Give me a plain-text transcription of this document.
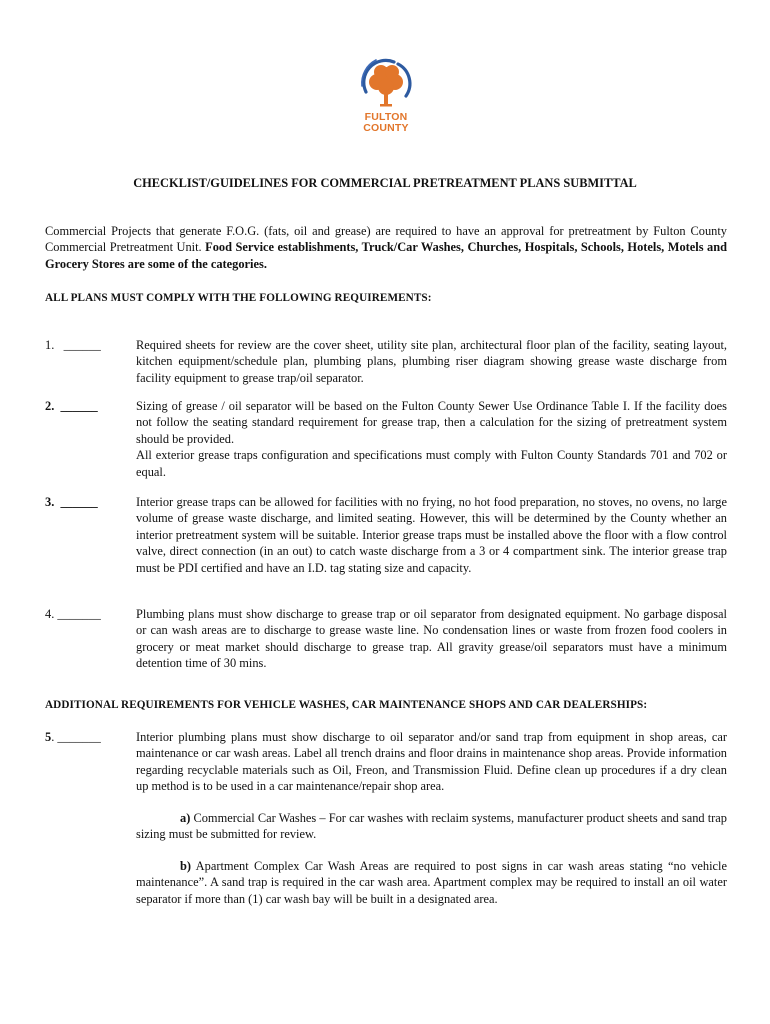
FULTON
COUNTY
CHECKLIST/GUIDELINES FOR COMMERCIAL PRETREATMENT PLANS SUBMITTAL
Commercial Projects that generate F.O.G. (fats, oil and grease) are required to have an approval for pretreatment by Fulton County Commercial Pretreatment Unit. Food Service establishments, Truck/Car Washes, Churches, Hospitals, Schools, Hotels, Motels and Grocery Stores are some of the categories.
ALL PLANS MUST COMPLY WITH THE FOLLOWING REQUIREMENTS:
1.   ______	Required sheets for review are the cover sheet, utility site plan, architectural floor plan of the facility, seating layout, kitchen equipment/schedule plan, plumbing plans, plumbing riser diagram showing grease waste discharge from facility equipment to grease trap/oil separator.
2.  ______	Sizing of grease / oil separator will be based on the Fulton County Sewer Use Ordinance Table I. If the facility does not follow the seating standard requirement for grease trap, then a calculation for the sizing of pretreatment system should be provided.
All exterior grease traps configuration and specifications must comply with Fulton County Standards 701 and 702 or equal.
3.  ______	Interior grease traps can be allowed for facilities with no frying, no hot food preparation, no stoves, no ovens, no large volume of grease waste discharge, and limited seating. However, this will be determined by the County whether an interior pretreatment system will be suitable. Interior grease traps must be installed above the floor with a flow control valve, direct connection (in an out) to catch waste discharge from a 3 or 4 compartment sink. The interior grease trap must be PDI certified and have an I.D. tag stating size and capacity.
4. _______	Plumbing plans must show discharge to grease trap or oil separator from designated equipment. No garbage disposal or can wash areas are to discharge to grease waste line. No condensation lines or waste from frozen food coolers in grocery or meat market should discharge to grease trap. All gravity grease/oil separators must have a minimum detention time of 30 mins.
ADDITIONAL REQUIREMENTS FOR VEHICLE WASHES, CAR MAINTENANCE SHOPS AND CAR DEALERSHIPS:
5. _______	Interior plumbing plans must show discharge to oil separator and/or sand trap from equipment in shop areas, car maintenance or car wash areas. Label all trench drains and floor drains in maintenance shop areas. Provide information regarding recyclable materials such as Oil, Freon, and Transmission Fluid. Define clean up procedures if a dry clean up method is to be used in a car maintenance/repair shop area.
a) Commercial Car Washes – For car washes with reclaim systems, manufacturer product sheets and sand trap sizing must be submitted for review.
b) Apartment Complex Car Wash Areas are required to post signs in car wash areas stating “no vehicle maintenance”. A sand trap is required in the car wash area. Apartment complex may be required to install an oil water separator if more than (1) car wash bay will be built in a designated area.
